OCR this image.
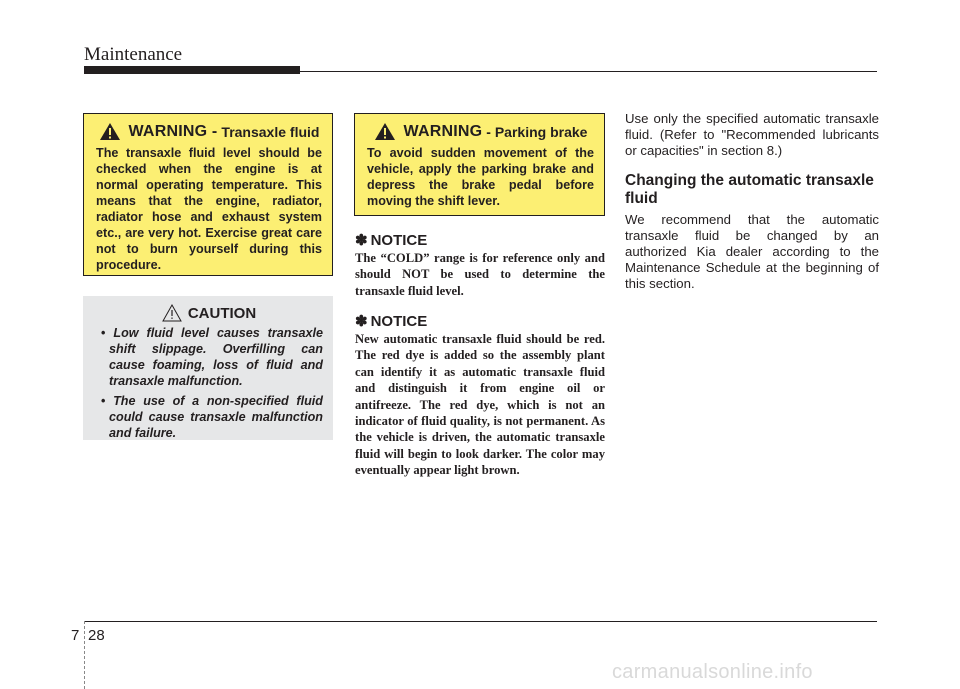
Maintenance
WARNING - Transaxle fluid
The transaxle fluid level should be checked when the engine is at normal operating temperature. This means that the engine, radiator, radiator hose and exhaust system etc., are very hot. Exercise great care not to burn yourself during this procedure.
CAUTION
• Low fluid level causes transaxle shift slippage. Overfilling can cause foaming, loss of fluid and transaxle malfunction.
• The use of a non-specified fluid could cause transaxle malfunction and failure.
WARNING - Parking brake
To avoid sudden movement of the vehicle, apply the parking brake and depress the brake pedal before moving the shift lever.
✽ NOTICE
The “COLD” range is for reference only and should NOT be used to determine the transaxle fluid level.
✽ NOTICE
New automatic transaxle fluid should be red. The red dye is added so the assembly plant can identify it as automatic transaxle fluid and distinguish it from engine oil or antifreeze. The red dye, which is not an indicator of fluid quality, is not permanent. As the vehicle is driven, the automatic transaxle fluid will begin to look darker. The color may eventually appear light brown.
Use only the specified automatic transaxle fluid. (Refer to "Recommended lubricants or capacities" in section 8.)
Changing the automatic transaxle fluid
We recommend that the automatic transaxle fluid be changed by an authorized Kia dealer according to the Maintenance Schedule at the beginning of this section.
7 28
carmanualsonline.info
